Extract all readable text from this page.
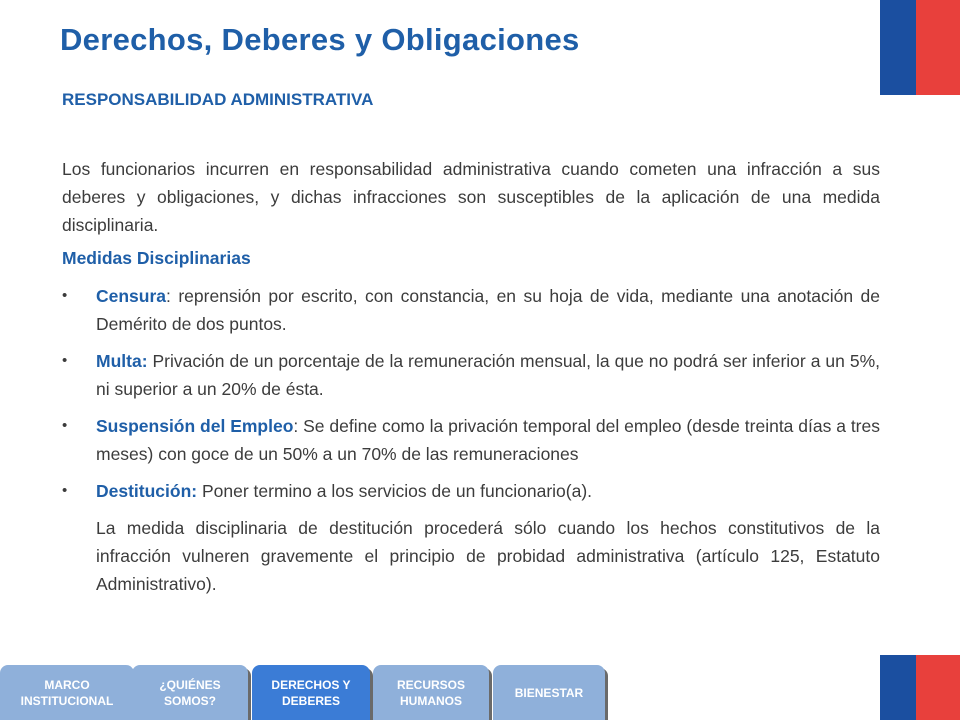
Derechos, Deberes y Obligaciones
RESPONSABILIDAD ADMINISTRATIVA
Los funcionarios incurren en responsabilidad administrativa cuando cometen una infracción a sus deberes y obligaciones, y dichas infracciones son susceptibles de la aplicación de una medida disciplinaria.
Medidas Disciplinarias
• Censura: reprensión por escrito, con constancia, en su hoja de vida, mediante una anotación de Demérito de dos puntos.
• Multa: Privación de un porcentaje de la remuneración mensual, la que no podrá ser inferior a un 5%, ni superior a un 20% de ésta.
• Suspensión del Empleo: Se define como la privación temporal del empleo (desde treinta días a tres meses) con goce de un 50% a un 70% de las remuneraciones
• Destitución: Poner termino a los servicios de un funcionario(a).
La medida disciplinaria de destitución procederá sólo cuando los hechos constitutivos de la infracción vulneren gravemente el principio de probidad administrativa (artículo 125, Estatuto Administrativo).
MARCO
INSTITUCIONAL
¿QUIÉNES
SOMOS?
DERECHOS Y
DEBERES
RECURSOS
HUMANOS
BIENESTAR
